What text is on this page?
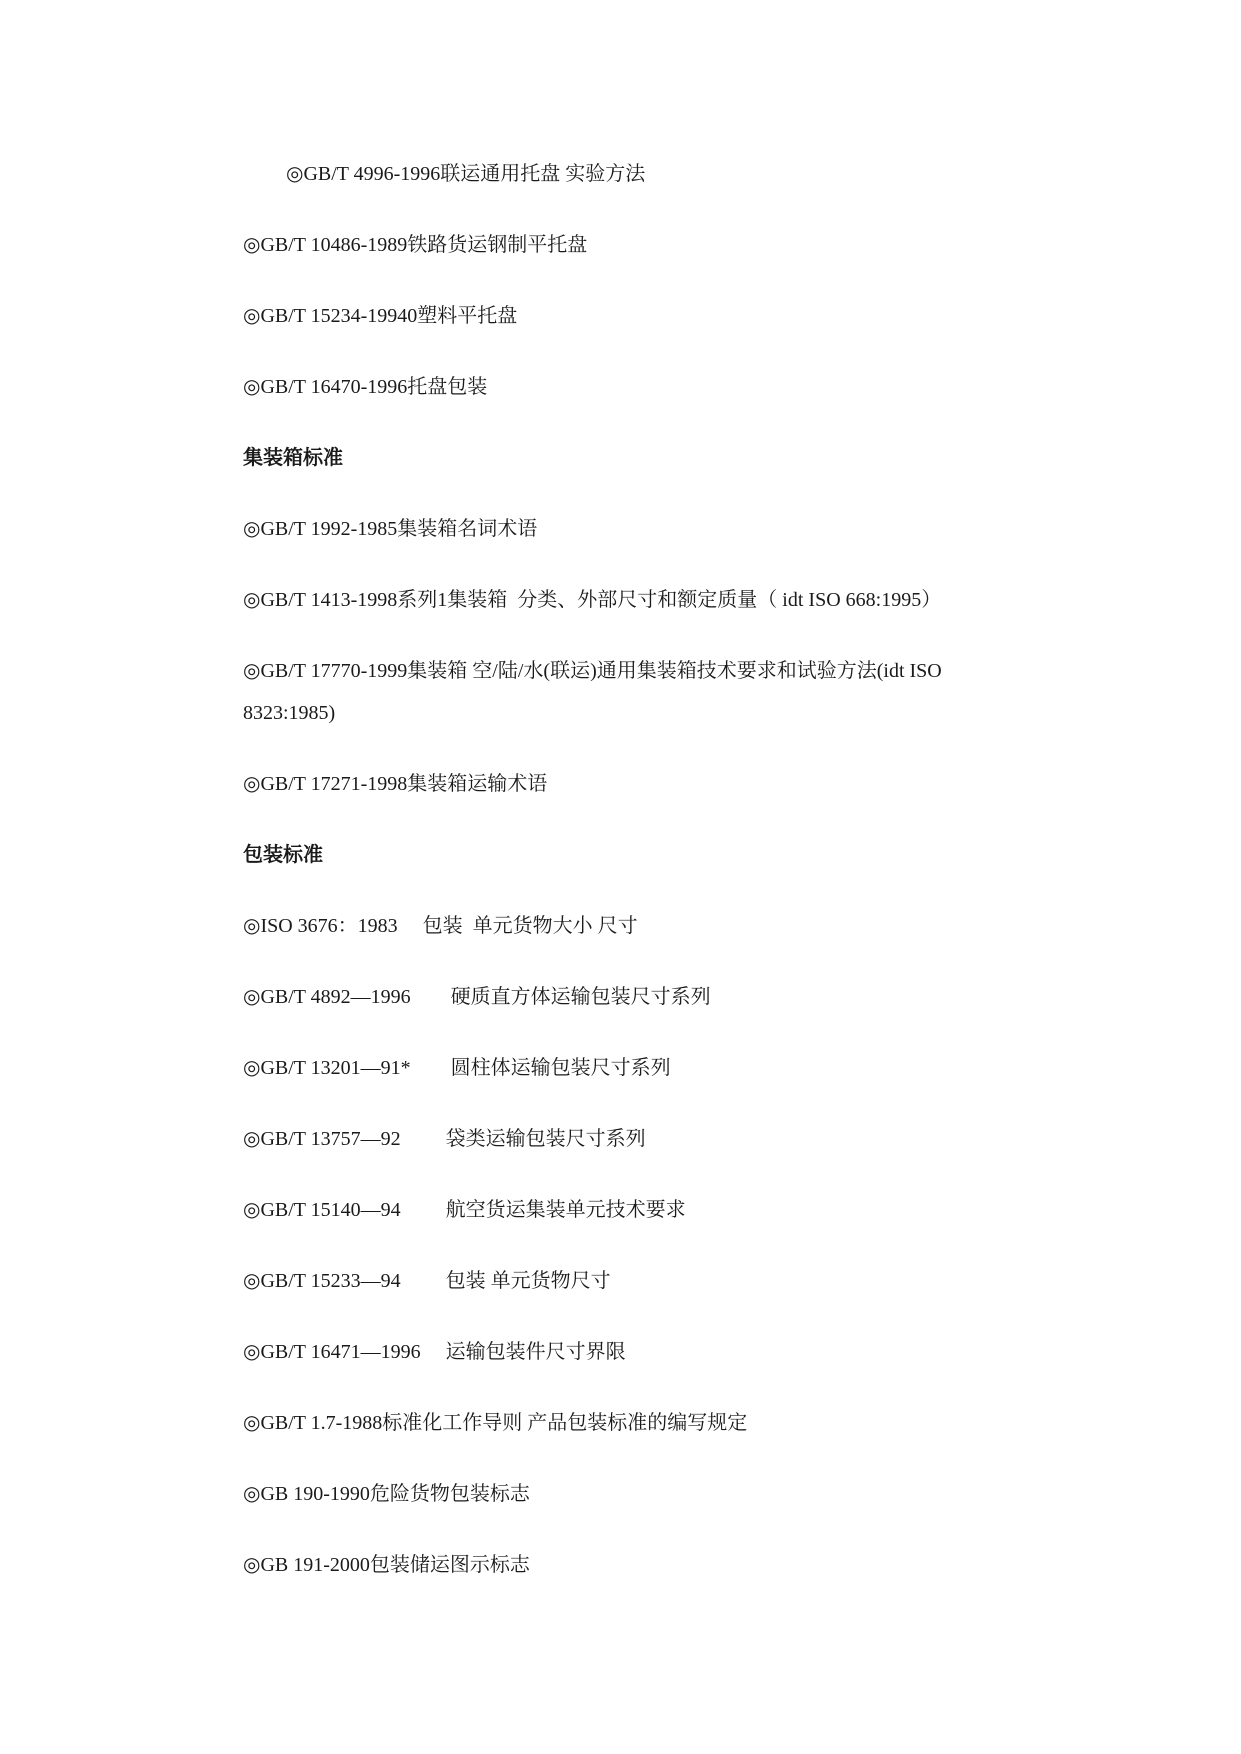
◎GB/T 4996-1996联运通用托盘 实验方法
◎GB/T 10486-1989铁路货运钢制平托盘
◎GB/T 15234-19940塑料平托盘
◎GB/T 16470-1996托盘包装
集装箱标准
◎GB/T 1992-1985集装箱名词术语
◎GB/T 1413-1998系列1集装箱  分类、外部尺寸和额定质量（ idt ISO 668:1995）
◎GB/T 17770-1999集装箱 空/陆/水(联运)通用集装箱技术要求和试验方法(idt ISO
8323:1985)
◎GB/T 17271-1998集装箱运输术语
包装标准
◎ISO 3676：1983     包装  单元货物大小 尺寸
◎GB/T 4892—1996        硬质直方体运输包装尺寸系列
◎GB/T 13201—91*        圆柱体运输包装尺寸系列
◎GB/T 13757—92         袋类运输包装尺寸系列
◎GB/T 15140—94         航空货运集装单元技术要求
◎GB/T 15233—94         包装 单元货物尺寸
◎GB/T 16471—1996     运输包装件尺寸界限
◎GB/T 1.7-1988标准化工作导则 产品包装标准的编写规定
◎GB 190-1990危险货物包装标志
◎GB 191-2000包装储运图示标志
